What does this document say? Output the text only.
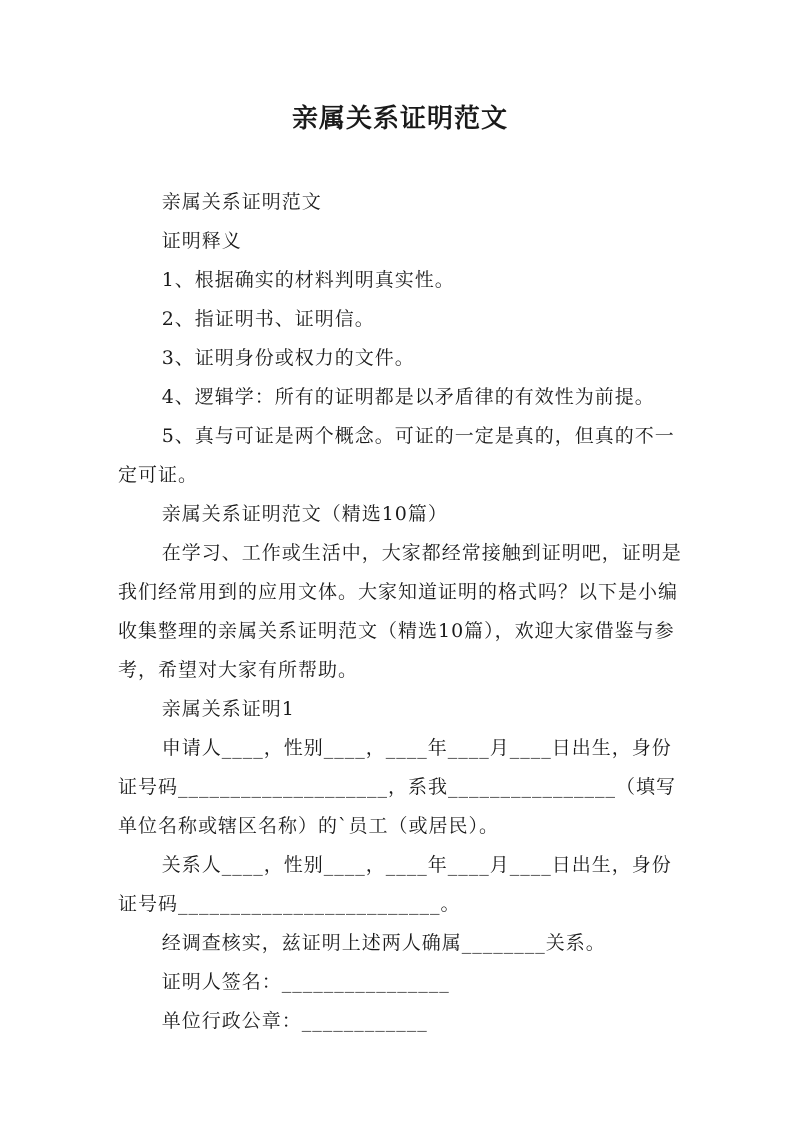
亲属关系证明范文

亲属关系证明范文

证明释义

1、根据确实的材料判明真实性。

2、指证明书、证明信。

3、证明身份或权力的文件。

4、逻辑学：所有的证明都是以矛盾律的有效性为前提。

5、真与可证是两个概念。可证的一定是真的，但真的不一定可证。

亲属关系证明范文（精选10篇）

在学习、工作或生活中，大家都经常接触到证明吧，证明是我们经常用到的应用文体。大家知道证明的格式吗？以下是小编收集整理的亲属关系证明范文（精选10篇），欢迎大家借鉴与参考，希望对大家有所帮助。

亲属关系证明1

申请人____，性别____，____年____月____日出生，身份证号码____________________，系我________________（填写单位名称或辖区名称）的`员工（或居民）。

关系人____，性别____，____年____月____日出生，身份证号码_________________________。

经调查核实，兹证明上述两人确属________关系。

证明人签名：________________

单位行政公章：____________
